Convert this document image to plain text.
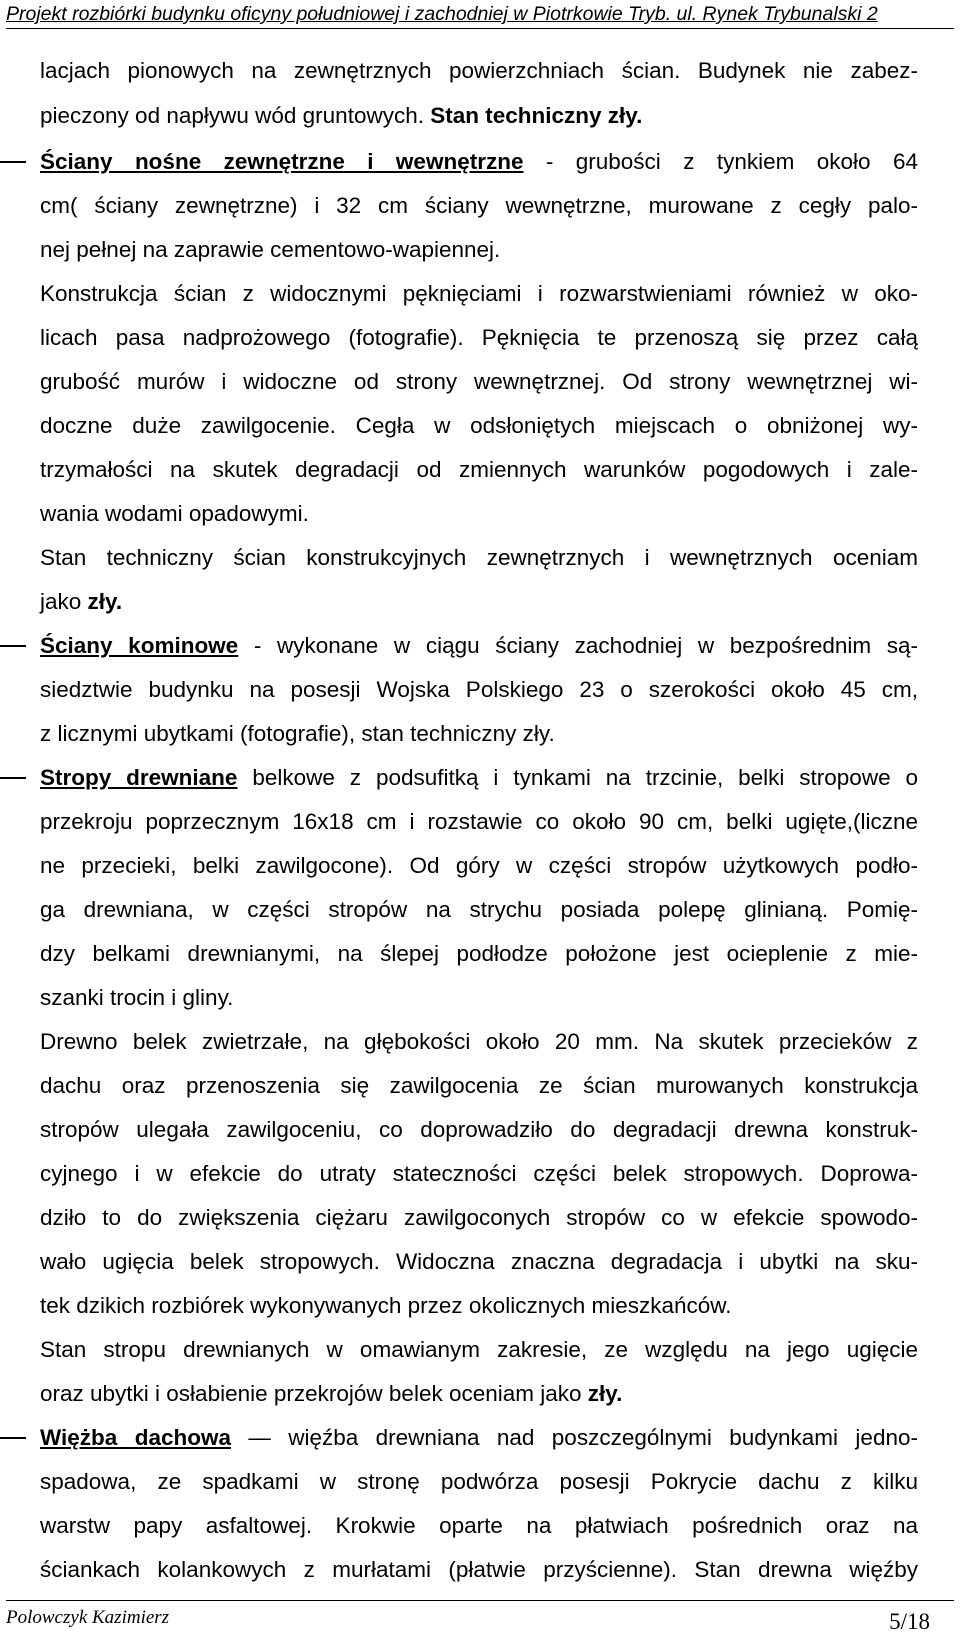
Projekt rozbiórki budynku oficyny południowej i zachodniej w Piotrkowie Tryb. ul. Rynek Trybunalski 2
lacjach pionowych na zewnętrznych powierzchniach ścian. Budynek nie zabez-
pieczony od napływu wód gruntowych. Stan techniczny zły.
Ściany nośne zewnętrzne i wewnętrzne - grubości z tynkiem około 64
cm( ściany zewnętrzne) i 32 cm ściany wewnętrzne, murowane z cegły palo-
nej pełnej na zaprawie cementowo-wapiennej.
Konstrukcja ścian z widocznymi pęknięciami i rozwarstwieniami również w oko-
licach pasa nadprożowego (fotografie). Pęknięcia te przenoszą się przez całą
grubość murów i widoczne od strony wewnętrznej. Od strony wewnętrznej wi-
doczne duże zawilgocenie. Cegła w odsłoniętych miejscach o obniżonej wy-
trzymałości na skutek degradacji od zmiennych warunków pogodowych i zale-
wania wodami opadowymi.
Stan techniczny ścian konstrukcyjnych zewnętrznych i wewnętrznych oceniam
jako zły.
Ściany kominowe - wykonane w ciągu ściany zachodniej w bezpośrednim są-
siedztwie budynku na posesji Wojska Polskiego 23 o szerokości około 45 cm,
z licznymi ubytkami (fotografie), stan techniczny zły.
Stropy drewniane belkowe z podsufitką i tynkami na trzcinie, belki stropowe o
przekroju poprzecznym 16x18 cm i rozstawie co około 90 cm, belki ugięte,(liczne
ne przecieki, belki zawilgocone). Od góry w części stropów użytkowych podło-
ga drewniana, w części stropów na strychu posiada polepę glinianą. Pomię-
dzy belkami drewnianymi, na ślepej podłodze położone jest ocieplenie z mie-
szanki trocin i gliny.
Drewno belek zwietrzałe, na głębokości około 20 mm. Na skutek przecieków z
dachu oraz przenoszenia się zawilgocenia ze ścian murowanych konstrukcja
stropów ulegała zawilgoceniu, co doprowadziło do degradacji drewna konstruk-
cyjnego i w efekcie do utraty stateczności części belek stropowych. Doprowa-
dziło to do zwiększenia ciężaru zawilgoconych stropów co w efekcie spowodo-
wało ugięcia belek stropowych. Widoczna znaczna degradacja i ubytki na sku-
tek dzikich rozbiórek wykonywanych przez okolicznych mieszkańców.
Stan stropu drewnianych w omawianym zakresie, ze względu na jego ugięcie
oraz ubytki i osłabienie przekrojów belek oceniam jako zły.
Więżba dachowa — więźba drewniana nad poszczególnymi budynkami jedno-
spadowa, ze spadkami w stronę podwórza posesji Pokrycie dachu z kilku
warstw papy asfaltowej. Krokwie oparte na płatwiach pośrednich oraz na
ściankach kolankowych z murłatami (płatwie przyścienne). Stan drewna więźby
Polowczyk Kazimierz	5/18
